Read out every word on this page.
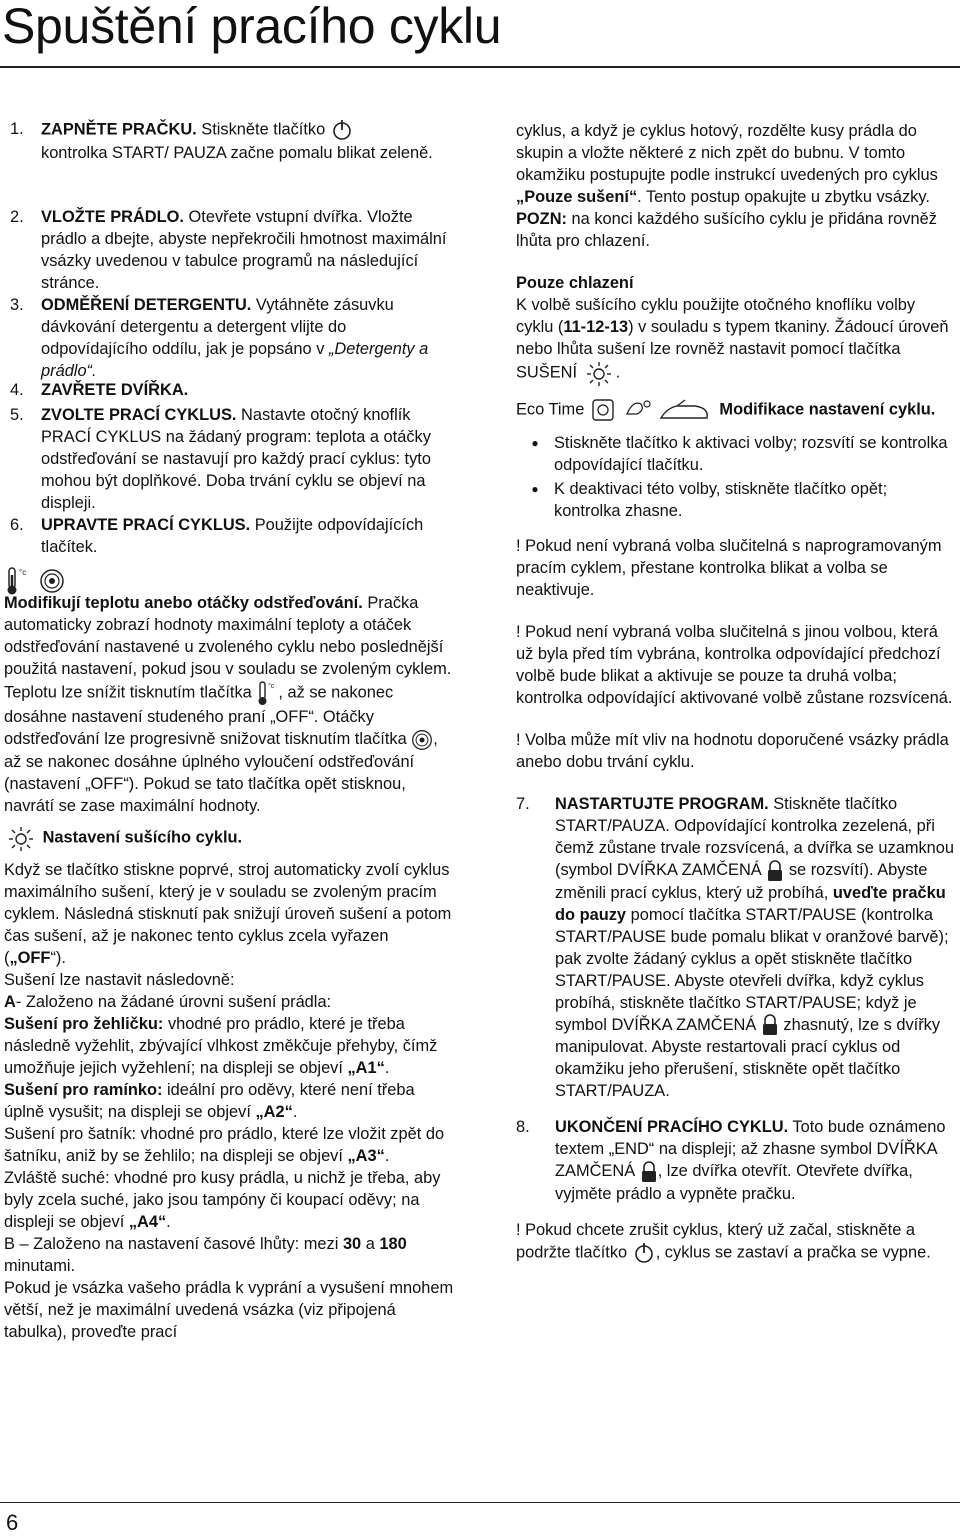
Spuštění pracího cyklu
1.	ZAPNĚTE PRAČKU. Stiskněte tlačítko

kontrolka START/ PAUZA začne pomalu blikat zeleně.
2.	VLOŽTE PRÁDLO. Otevřete vstupní dvířka. Vložte prádlo a dbejte, abyste nepřekročili hmotnost maximální vsázky uvedenou v tabulce programů na následující stránce.
3.	ODMĚŘENÍ DETERGENTU. Vytáhněte zásuvku dávkování detergentu a detergent vlijte do odpovídajícího oddílu, jak je popsáno v „Detergenty a prádlo“.
4.	ZAVŘETE DVÍŘKA.
5.	ZVOLTE PRACÍ CYKLUS. Nastavte otočný knoflík PRACÍ CYKLUS na žádaný program: teplota a otáčky odstřeďování se nastavují pro každý prací cyklus: tyto mohou být doplňkové. Doba trvání cyklu se objeví na displeji.
6.	UPRAVTE PRACÍ CYKLUS. Použijte odpovídajících tlačítek.

°c

Modifikují teplotu anebo otáčky odstřeďování. Pračka automaticky zobrazí hodnoty maximální teploty a otáček odstřeďování nastavené u zvoleného cyklu nebo poslednější použitá nastavení, pokud jsou v souladu se zvoleným cyklem. Teplotu lze snížit tisknutím tlačítka °c , až se nakonec dosáhne nastavení studeného praní „OFF“. Otáčky odstřeďování lze progresivně snižovat tisknutím tlačítka
, až se nakonec dosáhne úplného vyloučení odstřeďování (nastavení „OFF“). Pokud se tato tlačítka opět stisknou, navrátí se zase maximální hodnoty.

Nastavení sušícího cyklu.

Když se tlačítko stiskne poprvé, stroj automaticky zvolí cyklus maximálního sušení, který je v souladu se zvoleným pracím cyklem. Následná stisknutí pak snižují úroveň sušení a potom čas sušení, až je nakonec tento cyklus zcela vyřazen („OFF“).

Sušení lze nastavit následovně:

A- Založeno na žádané úrovni sušení prádla:

Sušení pro žehličku: vhodné pro prádlo, které je třeba následně vyžehlit, zbývající vlhkost změkčuje přehyby, čímž umožňuje jejich vyžehlení; na displeji se objeví „A1“.

Sušení pro ramínko: ideální pro oděvy, které není třeba úplně vysušit; na displeji se objeví „A2“.

Sušení pro šatník: vhodné pro prádlo, které lze vložit zpět do šatníku, aniž by se žehlilo; na displeji se objeví „A3“.

Zvláště suché: vhodné pro kusy prádla, u nichž je třeba, aby byly zcela suché, jako jsou tampóny či koupací oděvy; na displeji se objeví „A4“.

B – Založeno na nastavení časové lhůty: mezi 30 a 180 minutami.

Pokud je vsázka vašeho prádla k vyprání a vysušení mnohem větší, než je maximální uvedená vsázka (viz připojená tabulka), proveďte prací

cyklus, a když je cyklus hotový, rozdělte kusy prádla do skupin a vložte některé z nich zpět do bubnu. V tomto okamžiku postupujte podle instrukcí uvedených pro cyklus „Pouze sušení“. Tento postup opakujte u zbytku vsázky.

POZN: na konci každého sušícího cyklu je přidána rovněž lhůta pro chlazení.

Pouze chlazení

K volbě sušícího cyklu použijte otočného knoflíku volby cyklu (11-12-13) v souladu s typem tkaniny. Žádoucí úroveň nebo lhůta sušení lze rovněž nastavit pomocí tlačítka SUŠENÍ
.

Eco Time	Modifikace nastavení cyklu.

● Stiskněte tlačítko k aktivaci volby; rozsvítí se kontrolka odpovídající tlačítku.
● K deaktivaci této volby, stiskněte tlačítko opět; kontrolka zhasne.

! Pokud není vybraná volba slučitelná s naprogramovaným pracím cyklem, přestane kontrolka blikat a volba se neaktivuje.

! Pokud není vybraná volba slučitelná s jinou volbou, která už byla před tím vybrána, kontrolka odpovídající předchozí volbě bude blikat a aktivuje se pouze ta druhá volba; kontrolka odpovídající aktivované volbě zůstane rozsvícená.

! Volba může mít vliv na hodnotu doporučené vsázky prádla anebo dobu trvání cyklu.

7.	NASTARTUJTE PROGRAM. Stiskněte tlačítko START/PAUZA. Odpovídající kontrolka zezelená, při čemž zůstane trvale rozsvícená, a dvířka se uzamknou (symbol DVÍŘKA ZAMČENÁ
se rozsvítí). Abyste změnili prací cyklus, který už probíhá, uveďte pračku do pauzy pomocí tlačítka START/PAUSE (kontrolka START/PAUSE bude pomalu blikat v oranžové barvě); pak zvolte žádaný cyklus a opět stiskněte tlačítko START/PAUSE. Abyste otevřeli dvířka, když cyklus probíhá, stiskněte tlačítko START/PAUSE; když je symbol DVÍŘKA ZAMČENÁ
zhasnutý, lze s dvířky manipulovat. Abyste restartovali prací cyklus od okamžiku jeho přerušení, stiskněte opět tlačítko START/PAUZA.
8.	UKONČENÍ PRACÍHO CYKLU. Toto bude oznámeno textem „END“ na displeji; až zhasne symbol DVÍŘKA ZAMČENÁ
, lze dvířka otevřít. Otevřete dvířka, vyjměte prádlo a vypněte pračku.

! Pokud chcete zrušit cyklus, který už začal, stiskněte a podržte tlačítko
, cyklus se zastaví a pračka se vypne.

6
